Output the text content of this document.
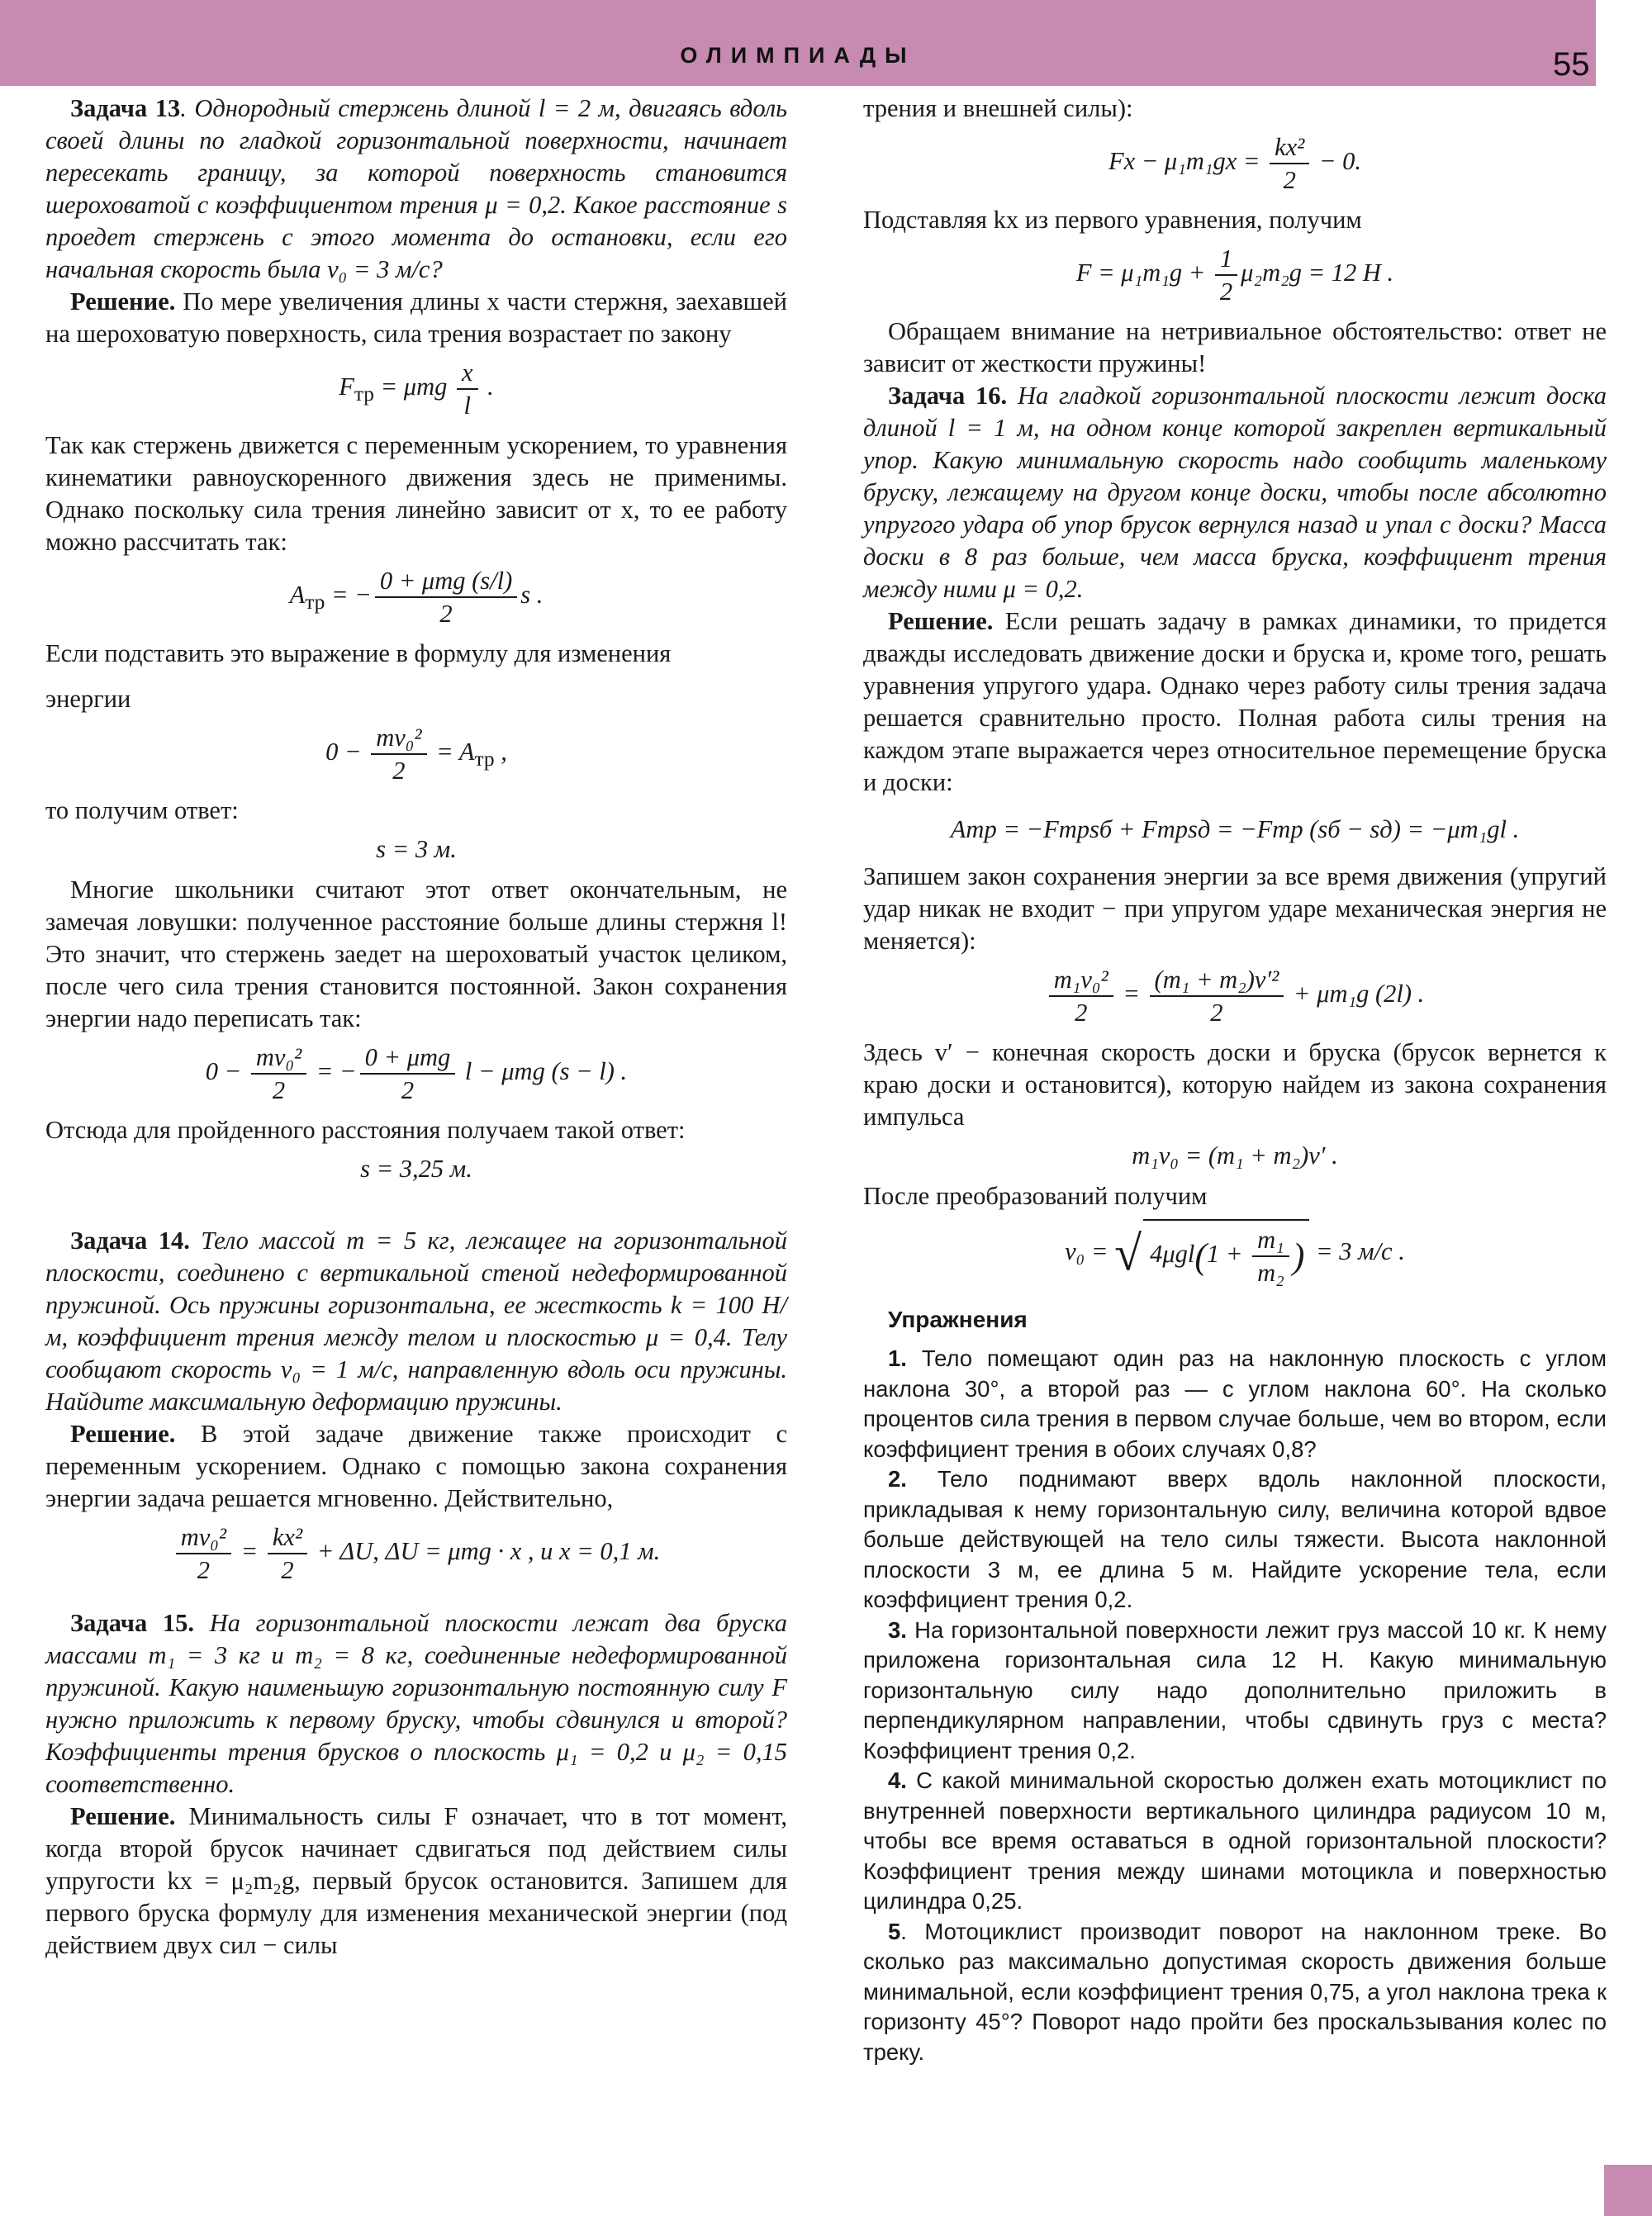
ОЛИМПИАДЫ	55

Задача 13. Однородный стержень длиной l = 2 м, двигаясь вдоль своей длины по гладкой горизонтальной поверхности, начинает пересекать границу, за которой поверхность становится шероховатой с коэффициентом трения μ = 0,2. Какое расстояние s проедет стержень с этого момента до остановки, если его начальная скорость была v₀ = 3 м/с?

Решение. По мере увеличения длины x части стержня, заехавшей на шероховатую поверхность, сила трения возрастает по закону

$F_{тр} = \mu mg \frac{x}{l}$ .

Так как стержень движется с переменным ускорением, то уравнения кинематики равноускоренного движения здесь не применимы. Однако поскольку сила трения линейно зависит от x, то ее работу можно рассчитать так:

$A_{тр}$ = − 0 + μmg (s/l)
2
s .

Если подставить это выражение в формулу для изменения

энергии

$0 - \frac{\text{mv₀²}}{2} = A_{тр}$ ,

то получим ответ:

s = 3 м.

Многие школьники считают этот ответ окончательным, не замечая ловушки: полученное расстояние больше длины стержня l! Это значит, что стержень заедет на шероховатый участок целиком, после чего сила трения становится постоянной. Закон сохранения энергии надо переписать так:

$0 - \frac{\text{mv₀²}}{2}$ = − 0 + μmg
2
l − μmg (s − l) .

Отсюда для пройденного расстояния получаем такой ответ:

s = 3,25 м.

Задача 14. Тело массой m = 5 кг, лежащее на горизонтальной плоскости, соединено с вертикальной стеной недеформированной пружиной. Ось пружины горизонтальна, ее жесткость k = 100 Н/м, коэффициент трения между телом и плоскостью μ = 0,4. Телу сообщают скорость v₀ = 1 м/с, направленную вдоль оси пружины. Найдите максимальную деформацию пружины.

Решение. В этой задаче движение также происходит с переменным ускорением. Однако с помощью закона сохранения энергии задача решается мгновенно. Действительно,

$\frac{\text{mv₀²}}{2} = \frac{\text{kx²}}{2} + \Delta U$, ΔU = μmg · x , и x = 0,1 м.

Задача 15. На горизонтальной плоскости лежат два бруска массами m₁ = 3 кг и m₂ = 8 кг, соединенные недеформированной пружиной. Какую наименьшую горизонтальную постоянную силу F нужно приложить к первому бруску, чтобы сдвинулся и второй? Коэффициенты трения брусков о плоскость μ₁ = 0,2 и μ₂ = 0,15 соответственно.

Решение. Минимальность силы F означает, что в тот момент, когда второй брусок начинает сдвигаться под действием силы упругости kx = μ₂m₂g, первый брусок остановится. Запишем для первого бруска формулу для изменения механической энергии (под действием двух сил − силы

трения и внешней силы):

$Fx - \mu_1m_1gx = \frac{\text{kx²}}{2} - 0$.

Подставляя kx из первого уравнения, получим

$F = \mu_1m_1g + \frac{1}{2} \mu_2m_2g = 12$ Н .

Обращаем внимание на нетривиальное обстоятельство: ответ не зависит от жесткости пружины!

Задача 16. На гладкой горизонтальной плоскости лежит доска длиной l = 1 м, на одном конце которой закреплен вертикальный упор. Какую минимальную скорость надо сообщить маленькому бруску, лежащему на другом конце доски, чтобы после абсолютно упругого удара об упор брусок вернулся назад и упал с доски? Масса доски в 8 раз больше, чем масса бруска, коэффициент трения между ними μ = 0,2.

Решение. Если решать задачу в рамках динамики, то придется дважды исследовать движение доски и бруска и, кроме того, решать уравнения упругого удара. Однако через работу силы трения задача решается сравнительно просто. Полная работа силы трения на каждом этапе выражается через относительное перемещение бруска и доски:

Aтр = −Fтрsб + Fтрsд = −Fтр (sб − sд) = −μm₁gl .

Запишем закон сохранения энергии за все время движения (упругий удар никак не входит − при упругом ударе механическая энергия не меняется):

$\frac{\text{m₁v₀²}}{2} = \frac{\text{(m₁ + m₂)v′²}}{2} + \mu m_1g$ (2l) .

Здесь v′ − конечная скорость доски и бруска (брусок вернется к краю доски и остановится), которую найдем из закона сохранения импульса

m₁v₀ = (m₁ + m₂)v′ .

После преобразований получим

v₀ = √ $4\mu gl(1 + \frac{\text{m₁}}{\text{m₂}}$ ) = 3 м/с .
Упражнения

1. Тело помещают один раз на наклонную плоскость с углом наклона 30°, а второй раз — с углом наклона 60°. На сколько процентов сила трения в первом случае больше, чем во втором, если коэффициент трения в обоих случаях 0,8?

2. Тело поднимают вверх вдоль наклонной плоскости, прикладывая к нему горизонтальную силу, величина которой вдвое больше действующей на тело силы тяжести. Высота наклонной плоскости 3 м, ее длина 5 м. Найдите ускорение тела, если коэффициент трения 0,2.

3. На горизонтальной поверхности лежит груз массой 10 кг. К нему приложена горизонтальная сила 12 Н. Какую минимальную горизонтальную силу надо дополнительно приложить в перпендикулярном направлении, чтобы сдвинуть груз с места? Коэффициент трения 0,2.

4. С какой минимальной скоростью должен ехать мотоциклист по внутренней поверхности вертикального цилиндра радиусом 10 м, чтобы все время оставаться в одной горизонтальной плоскости? Коэффициент трения между шинами мотоцикла и поверхностью цилиндра 0,25.

5. Мотоциклист производит поворот на наклонном треке. Во сколько раз максимально допустимая скорость движения больше минимальной, если коэффициент трения 0,75, а угол наклона трека к горизонту 45°? Поворот надо пройти без проскальзывания колес по треку.
